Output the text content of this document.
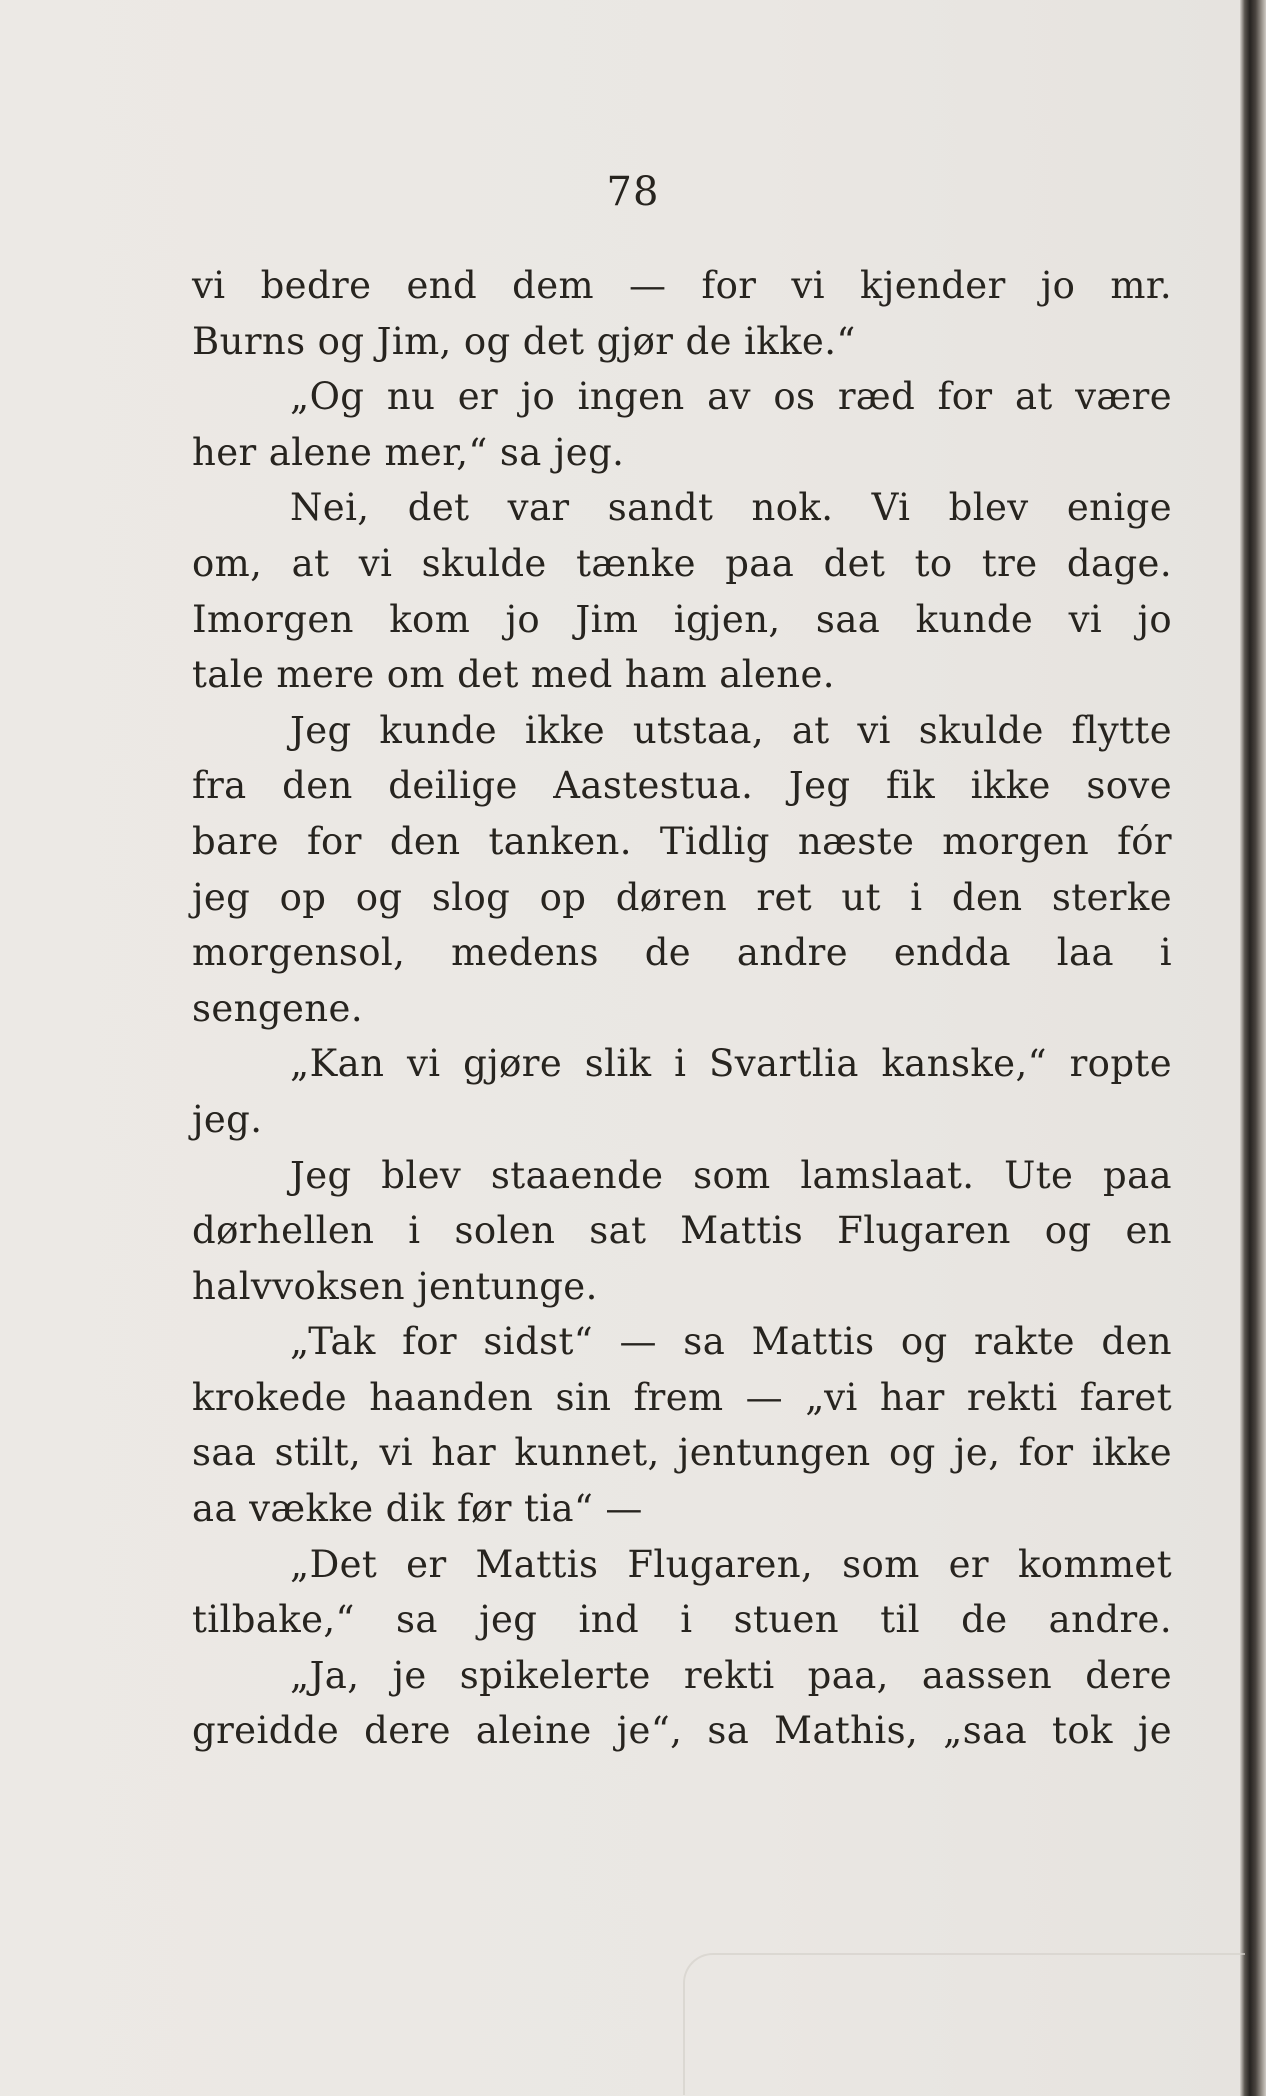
78
vi bedre end dem — for vi kjender jo mr.
Burns og Jim, og det gjør de ikke.“
„Og nu er jo ingen av os ræd for at være
her alene mer,“ sa jeg.
Nei, det var sandt nok. Vi blev enige
om, at vi skulde tænke paa det to tre dage.
Imorgen kom jo Jim igjen, saa kunde vi jo
tale mere om det med ham alene.
Jeg kunde ikke utstaa, at vi skulde flytte
fra den deilige Aastestua. Jeg fik ikke sove
bare for den tanken. Tidlig næste morgen fór
jeg op og slog op døren ret ut i den sterke
morgensol, medens de andre endda laa i
sengene.
„Kan vi gjøre slik i Svartlia kanske,“ ropte
jeg.
Jeg blev staaende som lamslaat. Ute paa
dørhellen i solen sat Mattis Flugaren og en
halvvoksen jentunge.
„Tak for sidst“ — sa Mattis og rakte den
krokede haanden sin frem — „vi har rekti faret
saa stilt, vi har kunnet, jentungen og je, for ikke
aa vække dik før tia“ —
„Det er Mattis Flugaren, som er kommet
tilbake,“ sa jeg ind i stuen til de andre.
„Ja, je spikelerte rekti paa, aassen dere
greidde dere aleine je“, sa Mathis, „saa tok je
